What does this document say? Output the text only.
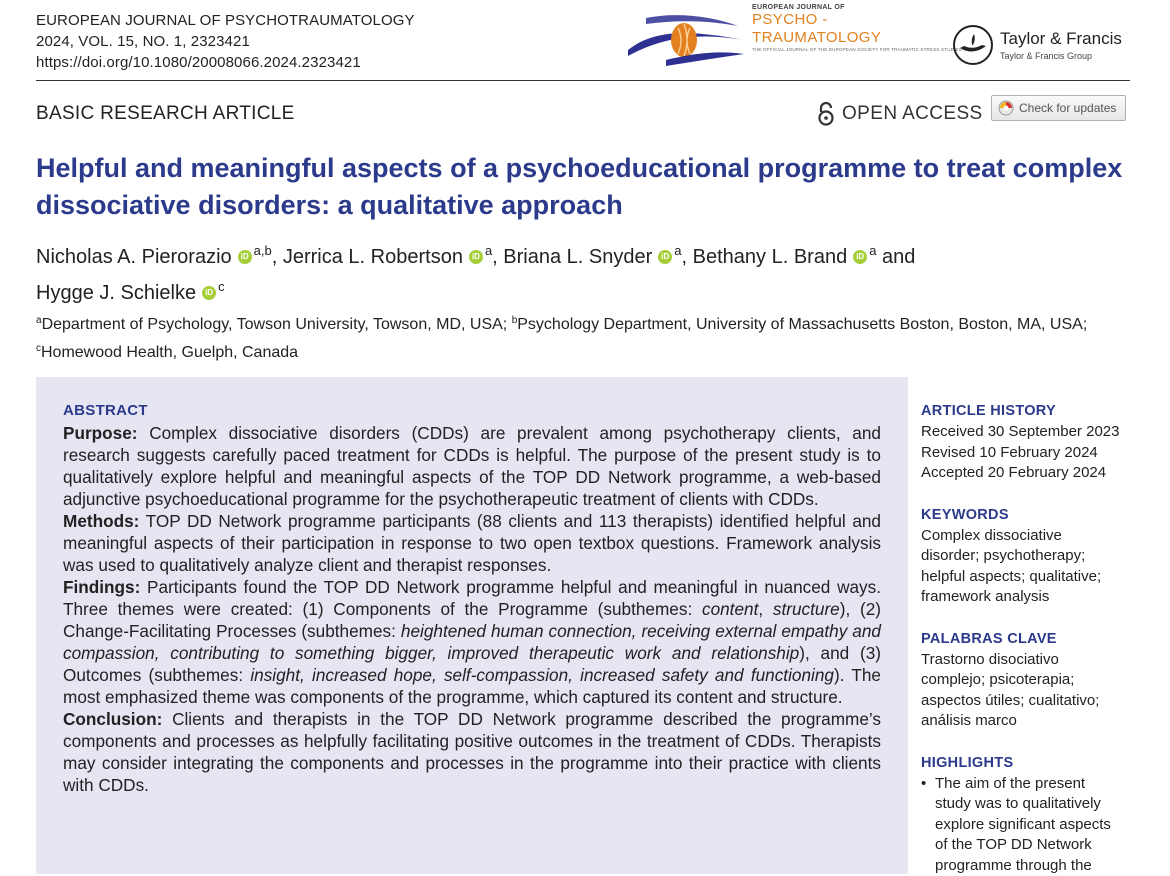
EUROPEAN JOURNAL OF PSYCHOTRAUMATOLOGY
2024, VOL. 15, NO. 1, 2323421
https://doi.org/10.1080/20008066.2024.2323421
EUROPEAN JOURNAL OF
PSYCHO -
TRAUMATOLOGY
THE OFFICIAL JOURNAL OF THE EUROPEAN SOCIETY FOR TRAUMATIC STRESS STUDIES
Taylor & Francis
Taylor & Francis Group
BASIC RESEARCH ARTICLE	OPEN ACCESS	Check for updates
Helpful and meaningful aspects of a psychoeducational programme to treat complex dissociative disorders: a qualitative approach
Nicholas A. Pierorazio iD $^{a,b}$, Jerrica L. Robertson iD $^a$, Briana L. Snyder iD $^a$, Bethany L. Brand iD $^a$ and
Hygge J. Schielke iD $^c$
$^a$Department of Psychology, Towson University, Towson, MD, USA; $^b$Psychology Department, University of Massachusetts Boston, Boston, MA, USA; $^c$Homewood Health, Guelph, Canada
ABSTRACT

Purpose: Complex dissociative disorders (CDDs) are prevalent among psychotherapy clients, and research suggests carefully paced treatment for CDDs is helpful. The purpose of the present study is to qualitatively explore helpful and meaningful aspects of the TOP DD Network programme, a web-based adjunctive psychoeducational programme for the psychotherapeutic treatment of clients with CDDs.

Methods: TOP DD Network programme participants (88 clients and 113 therapists) identified helpful and meaningful aspects of their participation in response to two open textbox questions. Framework analysis was used to qualitatively analyze client and therapist responses.

Findings: Participants found the TOP DD Network programme helpful and meaningful in nuanced ways. Three themes were created: (1) Components of the Programme (subthemes: content, structure), (2) Change-Facilitating Processes (subthemes: heightened human connection, receiving external empathy and compassion, contributing to something bigger, improved therapeutic work and relationship), and (3) Outcomes (subthemes: insight, increased hope, self-compassion, increased safety and functioning). The most emphasized theme was components of the programme, which captured its content and structure.

Conclusion: Clients and therapists in the TOP DD Network programme described the programme’s components and processes as helpfully facilitating positive outcomes in the treatment of CDDs. Therapists may consider integrating the components and processes in the programme into their practice with clients with CDDs.

ARTICLE HISTORY
Received 30 September 2023
Revised 10 February 2024
Accepted 20 February 2024
KEYWORDS
Complex dissociative disorder; psychotherapy; helpful aspects; qualitative; framework analysis
PALABRAS CLAVE
Trastorno disociativo complejo; psicoterapia; aspectos útiles; cualitativo; análisis marco
HIGHLIGHTS
• The aim of the present study was to qualitatively explore significant aspects of the TOP DD Network programme through the
